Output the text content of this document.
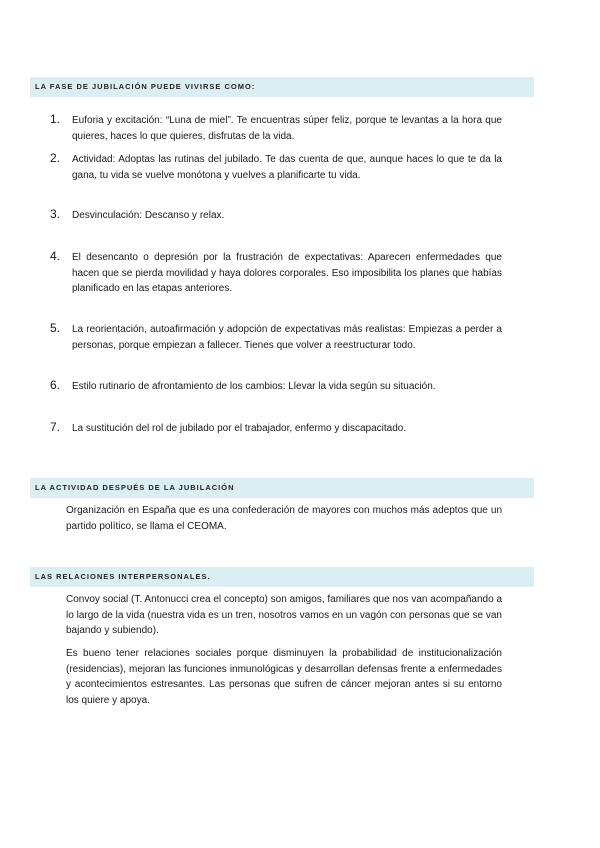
LA FASE DE JUBILACIÓN PUEDE VIVIRSE COMO:
1. Euforia y excitación: “Luna de miel”. Te encuentras súper feliz, porque te levantas a la hora que quieres, haces lo que quieres, disfrutas de la vida.
2. Actividad: Adoptas las rutinas del jubilado. Te das cuenta de que, aunque haces lo que te da la gana, tu vida se vuelve monótona y vuelves a planificarte tu vida.
3. Desvinculación: Descanso y relax.
4. El desencanto o depresión por la frustración de expectativas: Aparecen enfermedades que hacen que se pierda movilidad y haya dolores corporales. Eso imposibilita los planes que habías planificado en las etapas anteriores.
5. La reorientación, autoafirmación y adopción de expectativas más realistas: Empiezas a perder a personas, porque empiezan a fallecer. Tienes que volver a reestructurar todo.
6. Estilo rutinario de afrontamiento de los cambios: Llevar la vida según su situación.
7. La sustitución del rol de jubilado por el trabajador, enfermo y discapacitado.
LA ACTIVIDAD DESPUÉS DE LA JUBILACIÓN

Organización en España que es una confederación de mayores con muchos más adeptos que un partido político, se llama el CEOMA.

LAS RELACIONES INTERPERSONALES.

Convoy social (T. Antonucci crea el concepto) son amigos, familiares que nos van acompañando a lo largo de la vida (nuestra vida es un tren, nosotros vamos en un vagón con personas que se van bajando y subiendo).

Es bueno tener relaciones sociales porque disminuyen la probabilidad de institucionalización (residencias), mejoran las funciones inmunológicas y desarrollan defensas frente a enfermedades y acontecimientos estresantes. Las personas que sufren de cáncer mejoran antes si su entorno los quiere y apoya.
